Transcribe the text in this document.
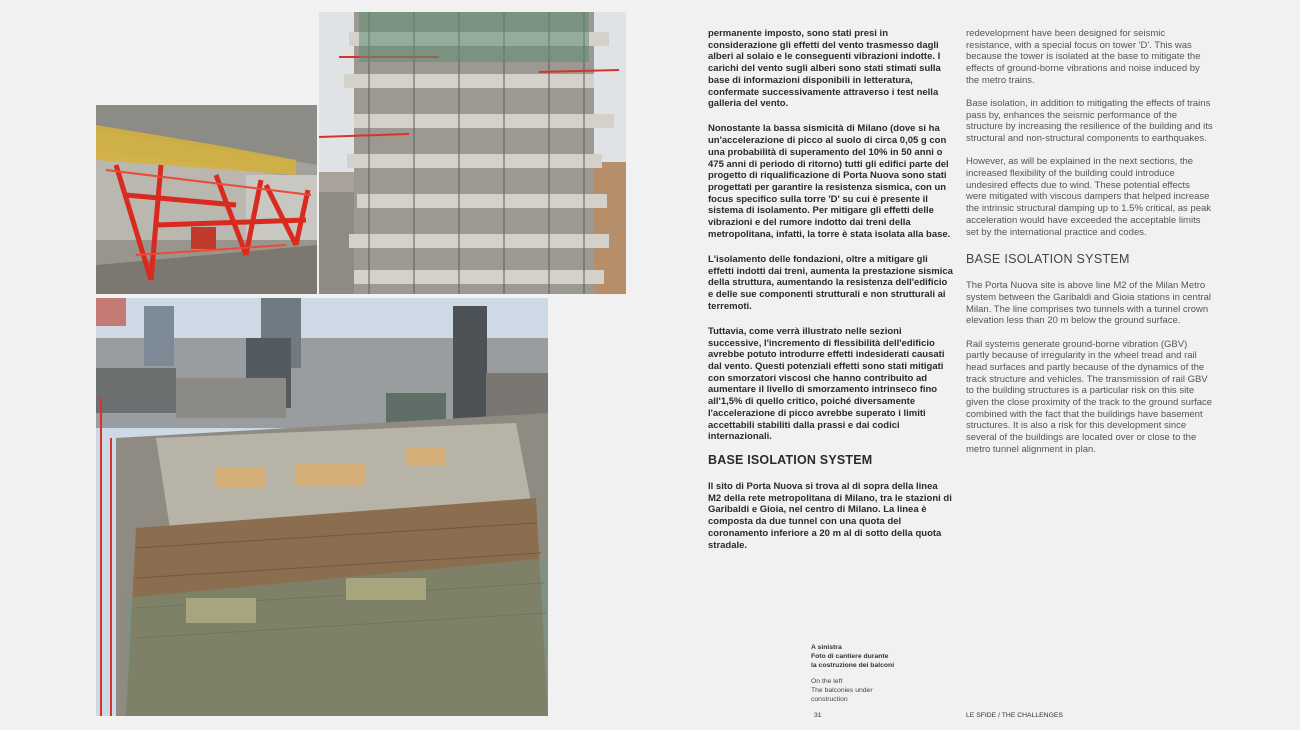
permanente imposto, sono stati presi in considerazione gli effetti del vento trasmesso dagli alberi al solaio e le conseguenti vibrazioni indotte. I carichi del vento sugli alberi sono stati stimati sulla base di informazioni disponibili in letteratura, confermate successivamente attraverso i test nella galleria del vento.

Nonostante la bassa sismicità di Milano (dove si ha un'accelerazione di picco al suolo di circa 0,05 g con una probabilità di superamento del 10% in 50 anni o 475 anni di periodo di ritorno) tutti gli edifici parte del progetto di riqualificazione di Porta Nuova sono stati progettati per garantire la resistenza sismica, con un focus specifico sulla torre 'D' su cui è presente il sistema di isolamento. Per mitigare gli effetti delle vibrazioni e del rumore indotto dai treni della metropolitana, infatti, la torre è stata isolata alla base.

L'isolamento delle fondazioni, oltre a mitigare gli effetti indotti dai treni, aumenta la prestazione sismica della struttura, aumentando la resistenza dell'edificio e delle sue componenti strutturali e non strutturali ai terremoti.

Tuttavia, come verrà illustrato nelle sezioni successive, l'incremento di flessibilità dell'edificio avrebbe potuto introdurre effetti indesiderati causati dal vento. Questi potenziali effetti sono stati mitigati con smorzatori viscosi che hanno contribuito ad aumentare il livello di smorzamento intrinseco fino all'1,5% di quello critico, poiché diversamente l'accelerazione di picco avrebbe superato i limiti accettabili stabiliti dalla prassi e dai codici internazionali.

BASE ISOLATION SYSTEM

Il sito di Porta Nuova si trova al di sopra della linea M2 della rete metropolitana di Milano, tra le stazioni di Garibaldi e Gioia, nel centro di Milano. La linea è composta da due tunnel con una quota del coronamento inferiore a 20 m al di sotto della quota stradale.

redevelopment have been designed for seismic resistance, with a special focus on tower 'D'. This was because the tower is isolated at the base to mitigate the effects of ground-borne vibrations and noise induced by the metro trains.

Base isolation, in addition to mitigating the effects of trains pass by, enhances the seismic performance of the structure by increasing the resilience of the building and its structural and non-structural components to earthquakes.

However, as will be explained in the next sections, the increased flexibility of the building could introduce undesired effects due to wind. These potential effects were mitigated with viscous dampers that helped increase the intrinsic structural damping up to 1.5% critical, as peak acceleration would have exceeded the acceptable limits set by the international practice and codes.

BASE ISOLATION SYSTEM

The Porta Nuova site is above line M2 of the Milan Metro system between the Garibaldi and Gioia stations in central Milan. The line comprises two tunnels with a tunnel crown elevation less than 20 m below the ground surface.

Rail systems generate ground-borne vibration (GBV) partly because of irregularity in the wheel tread and rail head surfaces and partly because of the dynamics of the track structure and vehicles. The transmission of rail GBV to the building structures is a particular risk on this site given the close proximity of the track to the ground surface combined with the fact that the buildings have basement structures. It is also a risk for this development since several of the buildings are located over or close to the metro tunnel alignment in plan.

A sinistra
Foto di cantiere durante
la costruzione dei balconi
On the left
The balconies under
construction
31	LE SFIDE / THE CHALLENGES
